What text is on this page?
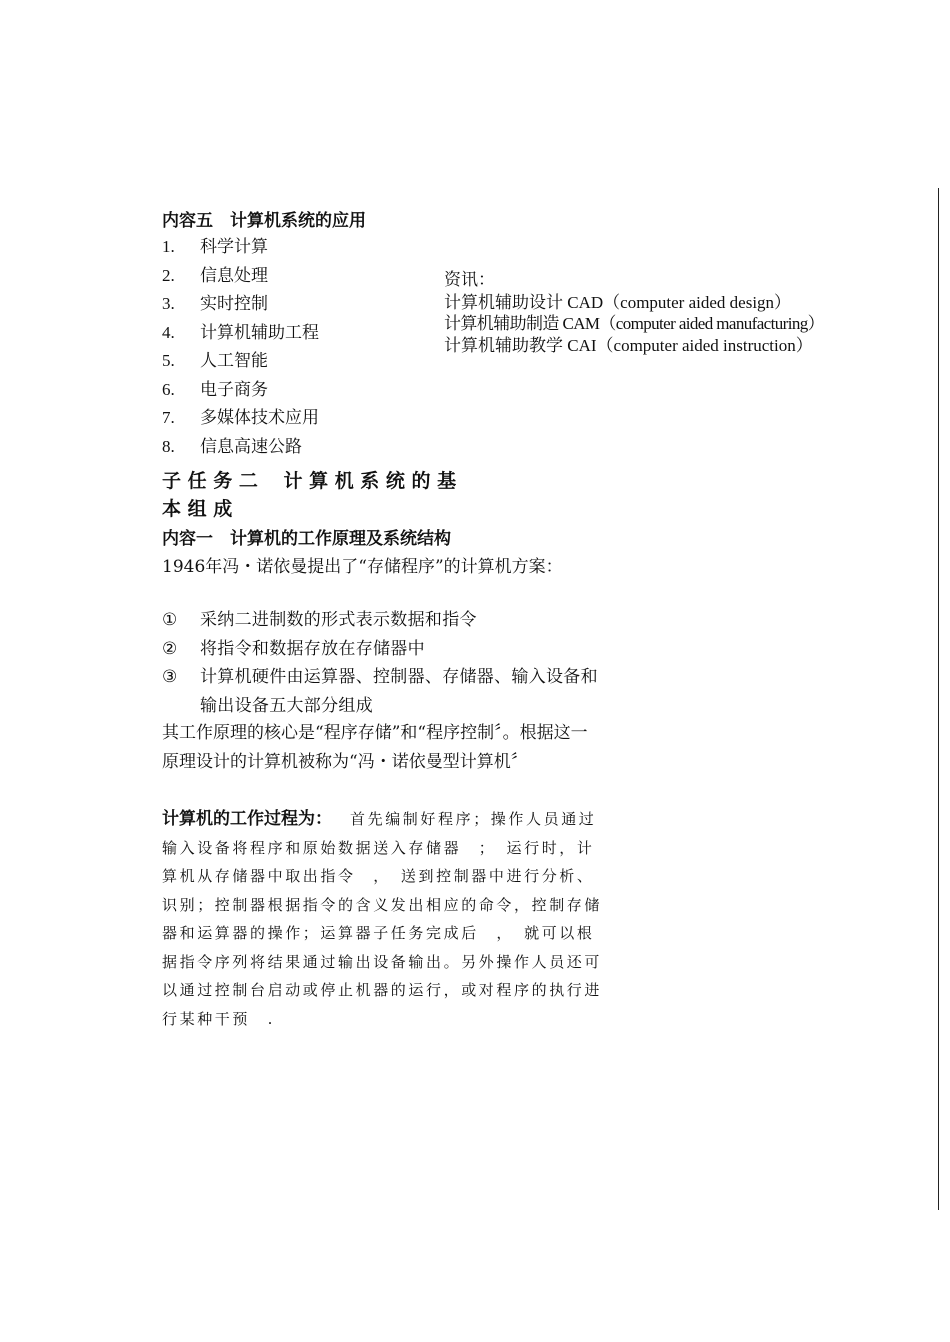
内容五　计算机系统的应用
1. 科学计算
2. 信息处理
3. 实时控制
4. 计算机辅助工程
5. 人工智能
6. 电子商务
7. 多媒体技术应用
8. 信息高速公路
资讯：
计算机辅助设计 CAD（computer aided design）
计算机辅助制造 CAM（computer aided manufacturing）
计算机辅助教学 CAI（computer aided instruction）
子 任 务 二　 计 算 机 系 统 的 基
本 组 成
内容一　计算机的工作原理及系统结构
1946年冯・诺依曼提出了“存储程序”的计算机方案：
①	采纳二进制数的形式表示数据和指令
②	将指令和数据存放在存储器中
③	计算机硬件由运算器、控制器、存储器、输入设备和输出设备五大部分组成
其工作原理的核心是“程序存储”和“程序控制〞。根据这一原理设计的计算机被称为“冯・诺依曼型计算机〞
计算机的工作过程为： 首先编制好程序；操作人员通过输入设备将程序和原始数据送入存储器　；　运行时，计算机从存储器中取出指令　，　送到控制器中进行分析、识别；控制器根据指令的含义发出相应的命令，控制存储器和运算器的操作；运算器子任务完成后　，　就可以根据指令序列将结果通过输出设备输出。另外操作人员还可以通过控制台启动或停止机器的运行，或对程序的执行进行某种干预　.
